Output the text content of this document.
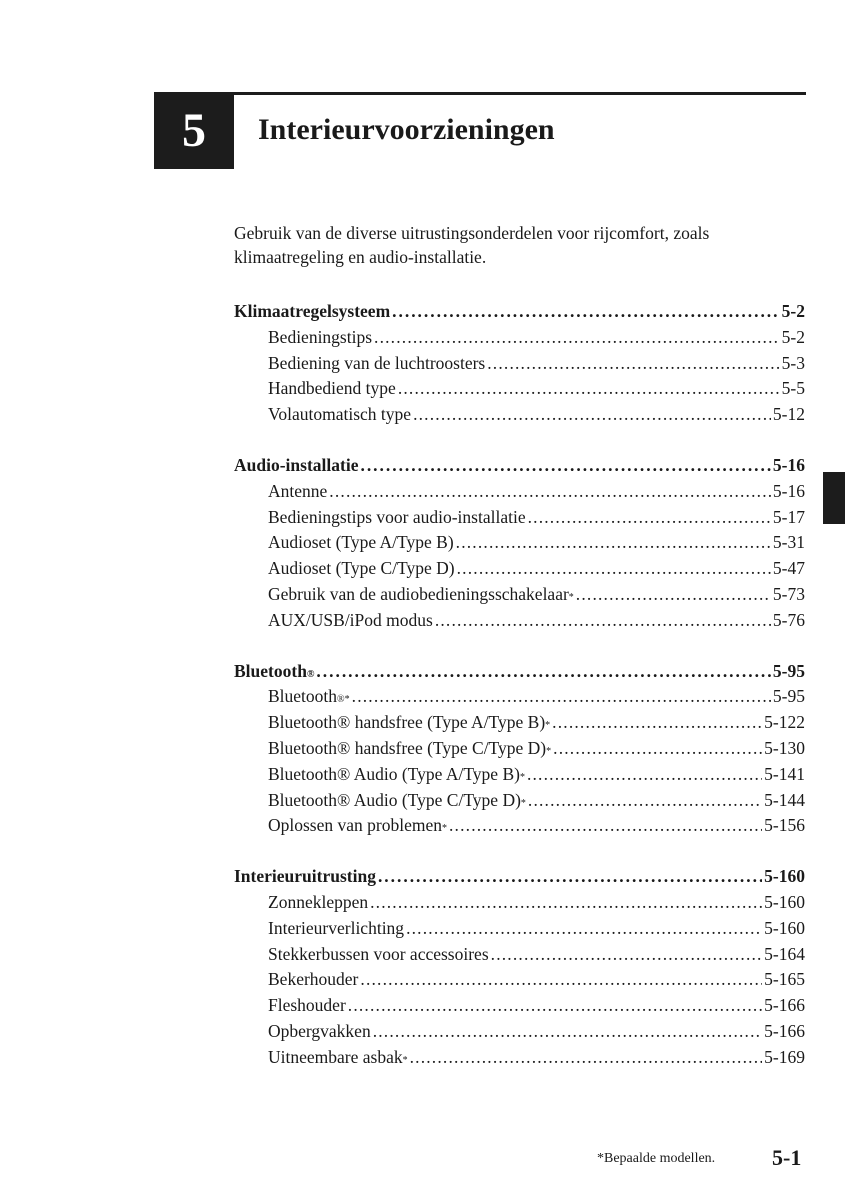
5 Interieurvoorzieningen
Gebruik van de diverse uitrustingsonderdelen voor rijcomfort, zoals klimaatregeling en audio-installatie.
Klimaatregelsysteem . . .	5-2
Bedieningstips . . .	5-2
Bediening van de luchtroosters . . .	5-3
Handbediend type . . .	5-5
Volautomatisch type . . .	5-12
Audio-installatie . . .	5-16
Antenne . . .	5-16
Bedieningstips voor audio-installatie . . .	5-17
Audioset (Type A/Type B) . . .	5-31
Audioset (Type C/Type D) . . .	5-47
Gebruik van de audiobedieningsschakelaar * . . .	5-73
AUX/USB/iPod modus . . .	5-76
Bluetooth ® . . .	5-95
Bluetooth ®* . . .	5-95
Bluetooth® handsfree (Type A/Type B) * . . .	5-122
Bluetooth® handsfree (Type C/Type D) * . . .	5-130
Bluetooth® Audio (Type A/Type B) * . . .	5-141
Bluetooth® Audio (Type C/Type D) * . . .	5-144
Oplossen van problemen * . . .	5-156
Interieuruitrusting . . .	5-160
Zonnekleppen . . .	5-160
Interieurverlichting . . .	5-160
Stekkerbussen voor accessoires . . .	5-164
Bekerhouder . . .	5-165
Fleshouder . . .	5-166
Opbergvakken . . .	5-166
Uitneembare asbak * . . .	5-169
*Bepaalde modellen.	5-1
